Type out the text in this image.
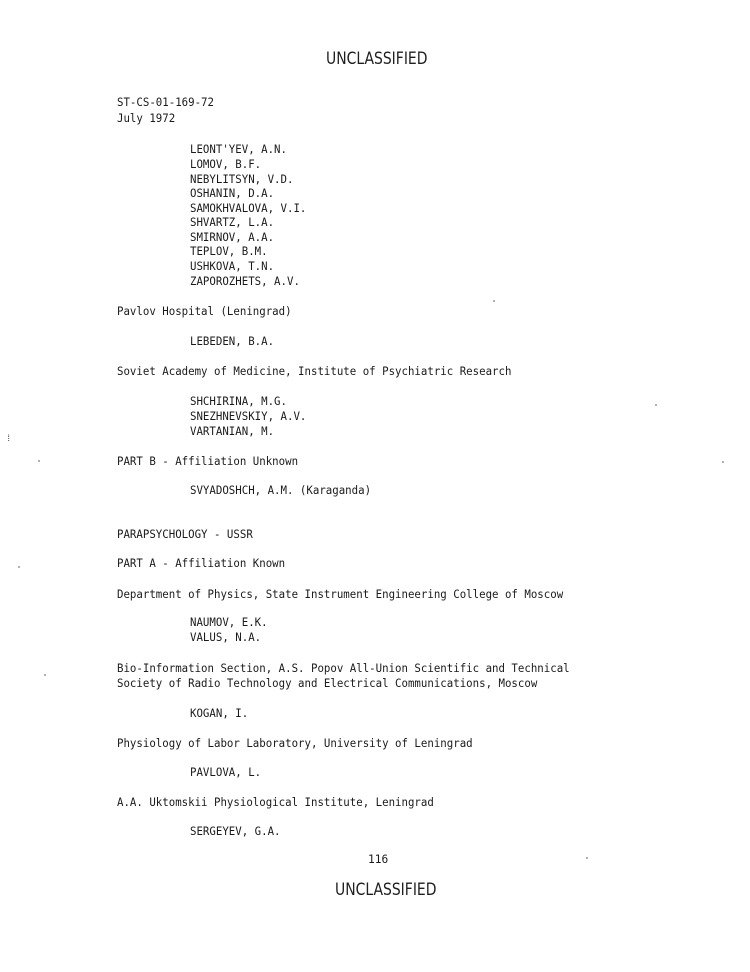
UNCLASSIFIED
ST-CS-01-169-72
July 1972
LEONT'YEV, A.N.
LOMOV, B.F.
NEBYLITSYN, V.D.
OSHANIN, D.A.
SAMOKHVALOVA, V.I.
SHVARTZ, L.A.
SMIRNOV, A.A.
TEPLOV, B.M.
USHKOVA, T.N.
ZAPOROZHETS, A.V.
Pavlov Hospital (Leningrad)
LEBEDEN, B.A.
Soviet Academy of Medicine, Institute of Psychiatric Research
SHCHIRINA, M.G.
SNEZHNEVSKIY, A.V.
VARTANIAN, M.
PART B - Affiliation Unknown
SVYADOSHCH, A.M. (Karaganda)
PARAPSYCHOLOGY - USSR
PART A - Affiliation Known
Department of Physics, State Instrument Engineering College of Moscow
NAUMOV, E.K.
VALUS, N.A.
Bio-Information Section, A.S. Popov All-Union Scientific and Technical
Society of Radio Technology and Electrical Communications, Moscow
KOGAN, I.
Physiology of Labor Laboratory, University of Leningrad
PAVLOVA, L.
A.A. Uktomskii Physiological Institute, Leningrad
SERGEYEV, G.A.
116
UNCLASSIFIED
⁞
